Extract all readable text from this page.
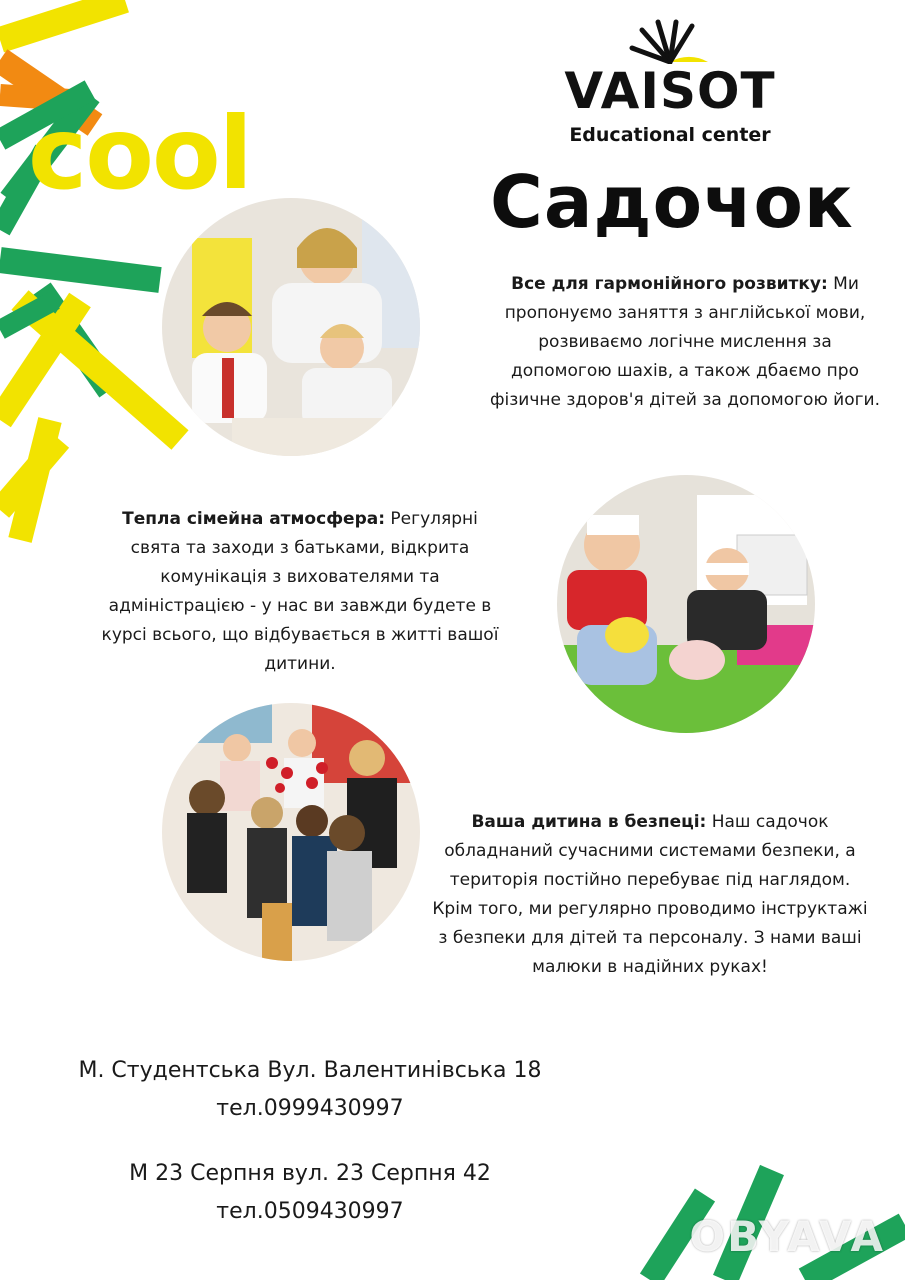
cool
VAISOT
Educational center
Садочок
Все для гармонійного розвитку: Ми пропонуємо заняття з англійської мови, розвиваємо логічне мислення за допомогою шахів, а також дбаємо про фізичне здоров'я дітей за допомогою йоги.
Тепла сімейна атмосфера: Регулярні свята та заходи з батьками, відкрита комунікація з вихователями та адміністрацією - у нас ви завжди будете в курсі всього, що відбувається в житті вашої дитини.
Ваша дитина в безпеці: Наш садочок обладнаний сучасними системами безпеки, а територія постійно перебуває під наглядом. Крім того, ми регулярно проводимо інструктажі з безпеки для дітей та персоналу. З нами ваші малюки в надійних руках!
М. Студентська Вул. Валентинівська 18
тел.0999430997
М 23 Серпня вул. 23 Серпня 42
тел.0509430997
OBYAVA
